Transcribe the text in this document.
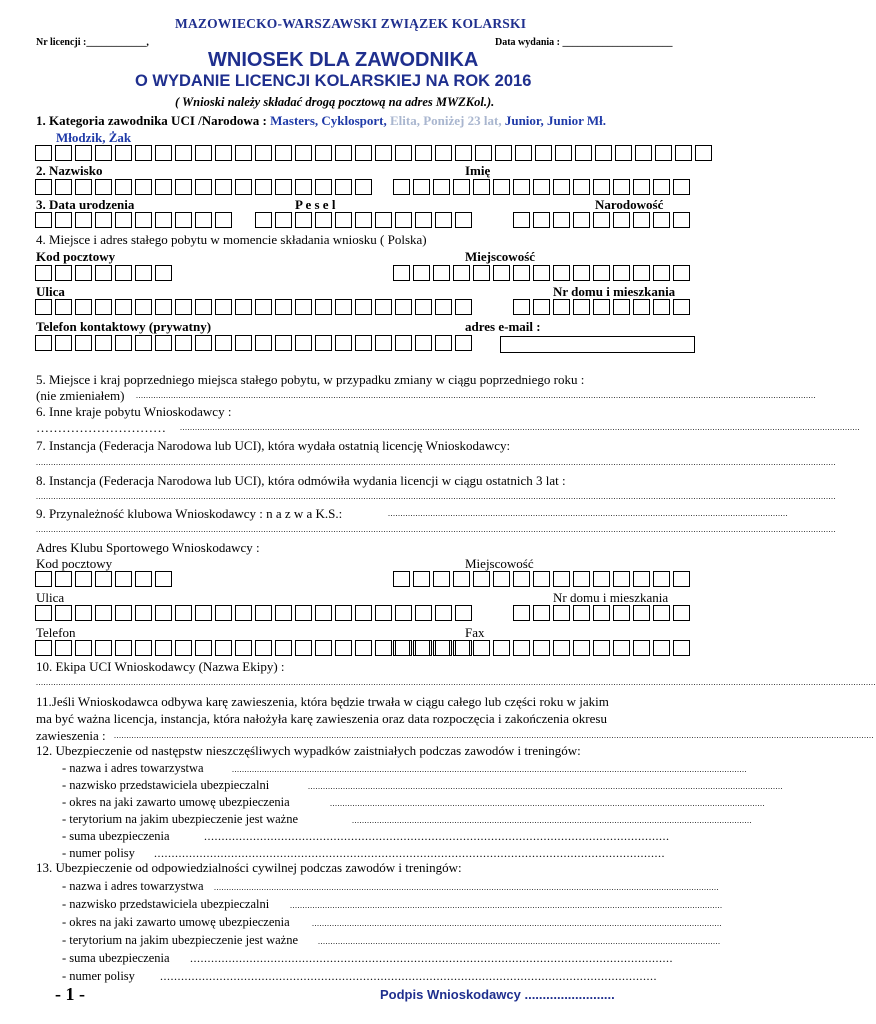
MAZOWIECKO-WARSZAWSKI ZWIĄZEK KOLARSKI
Nr licencji :____________,	Data wydania : ______________________
WNIOSEK DLA ZAWODNIKA
O WYDANIE LICENCJI KOLARSKIEJ NA ROK 2016
( Wnioski należy składać drogą pocztową na adres MWZKol.).
1. Kategoria zawodnika UCI /Narodowa : Masters, Cyklosport, Elita, Poniżej 23 lat, Junior, Junior Mł.
Młodzik, Żak
2. Nazwisko	Imię
3. Data urodzenia	P e s e l	Narodowość
4. Miejsce i adres stałego pobytu w momencie składania wniosku ( Polska)
Kod pocztowy	Miejscowość
Ulica	Nr domu i mieszkania
Telefon kontaktowy (prywatny)	adres e-mail :
5. Miejsce i kraj poprzedniego miejsca stałego pobytu, w przypadku zmiany w ciągu poprzedniego roku :
(nie zmieniałem) ................................................................................................................................................................................................................................................................................
6. Inne kraje pobytu Wnioskodawcy :
………………………… ................................................................................................................................................................................................................................................................................
7. Instancja (Federacja Narodowa lub UCI), która wydała ostatnią licencję Wnioskodawcy:
................................................................................................................................................................................................................................................................................................................................
8. Instancja (Federacja Narodowa lub UCI), która odmówiła wydania licencji w ciągu ostatnich 3 lat :
................................................................................................................................................................................................................................................................................................................................
9. Przynależność klubowa Wnioskodawcy : n a z w a K.S.:	................................................................................................................................................................
................................................................................................................................................................................................................................................................................................................................
Adres Klubu Sportowego Wnioskodawcy :
Kod pocztowy	Miejscowość
Ulica	Nr domu i mieszkania
Telefon	Fax
10. Ekipa UCI Wnioskodawcy (Nazwa Ekipy) :
................................................................................................................................................................................................................................................................................................................................................
11.Jeśli Wnioskodawca odbywa karę zawieszenia, która będzie trwała w ciągu całego lub części roku w jakim
ma być ważna licencja, instancja, która nałożyła karę zawieszenia oraz data rozpoczęcia i zakończenia okresu
zawieszenia : ................................................................................................................................................................................................................................................................................................................
12. Ubezpieczenie od następstw nieszczęśliwych wypadków zaistniałych podczas zawodów i treningów:
- nazwa i adres towarzystwa	..............................................................................................................................................................................................................
- nazwisko przedstawiciela ubezpieczalni	..............................................................................................................................................................................................
- okres na jaki zawarto umowę ubezpieczenia	..............................................................................................................................................................................
- terytorium na jakim ubezpieczenie jest ważne	................................................................................................................................................................
- suma ubezpieczenia	.....................................................................................................................................
- numer polisy ..................................................................................................................................................
13. Ubezpieczenie od odpowiedzialności cywilnej podczas zawodów i treningów:
- nazwa i adres towarzystwa ..........................................................................................................................................................................................................
- nazwisko przedstawiciela ubezpieczalni	.............................................................................................................................................................................
- okres na jaki zawarto umowę ubezpieczenia	....................................................................................................................................................................
- terytorium na jakim ubezpieczenie jest ważne .................................................................................................................................................................
- suma ubezpieczenia ..........................................................................................................................................
- numer polisy ..............................................................................................................................................
- 1 -	Podpis Wnioskodawcy .........................
